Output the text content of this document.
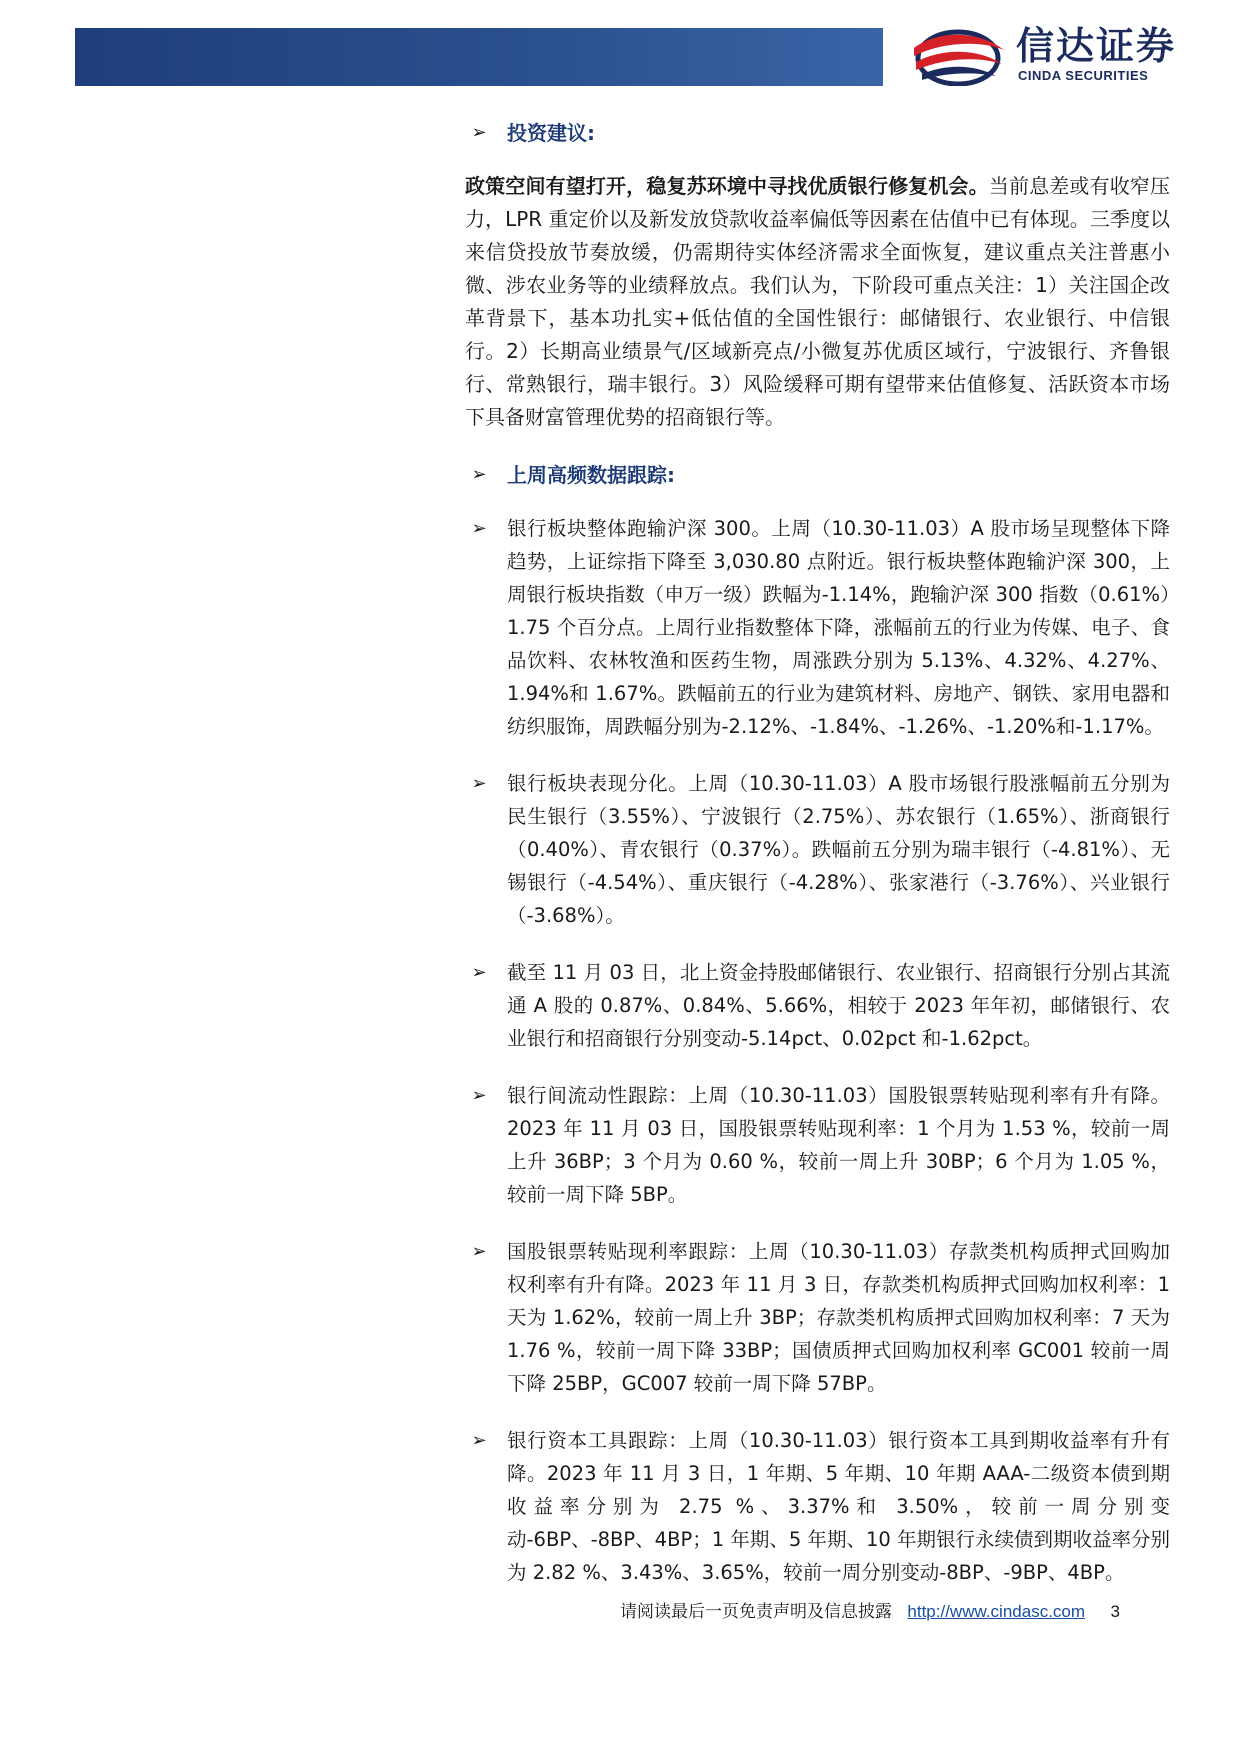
信达证券
CINDA SECURITIES
➢ 投资建议:

政策空间有望打开，稳复苏环境中寻找优质银行修复机会。当前息差或有收窄压力，LPR 重定价以及新发放贷款收益率偏低等因素在估值中已有体现。三季度以来信贷投放节奏放缓，仍需期待实体经济需求全面恢复，建议重点关注普惠小微、涉农业务等的业绩释放点。我们认为，下阶段可重点关注：1）关注国企改革背景下，基本功扎实+低估值的全国性银行：邮储银行、农业银行、中信银行。2）长期高业绩景气/区域新亮点/小微复苏优质区域行，宁波银行、齐鲁银行、常熟银行，瑞丰银行。3）风险缓释可期有望带来估值修复、活跃资本市场下具备财富管理优势的招商银行等。

➢ 上周高频数据跟踪:
➢ 银行板块整体跑输沪深 300。上周（10.30-11.03）A 股市场呈现整体下降趋势，上证综指下降至 3,030.80 点附近。银行板块整体跑输沪深 300，上周银行板块指数（申万一级）跌幅为-1.14%，跑输沪深 300 指数（0.61%）1.75 个百分点。上周行业指数整体下降，涨幅前五的行业为传媒、电子、食品饮料、农林牧渔和医药生物，周涨跌分别为 5.13%、4.32%、4.27%、1.94%和 1.67%。跌幅前五的行业为建筑材料、房地产、钢铁、家用电器和纺织服饰，周跌幅分别为-2.12%、-1.84%、-1.26%、-1.20%和-1.17%。
➢ 银行板块表现分化。上周（10.30-11.03）A 股市场银行股涨幅前五分别为民生银行（3.55%）、宁波银行（2.75%）、苏农银行（1.65%）、浙商银行（0.40%）、青农银行（0.37%）。跌幅前五分别为瑞丰银行（-4.81%）、无锡银行（-4.54%）、重庆银行（-4.28%）、张家港行（-3.76%）、兴业银行（-3.68%）。
➢ 截至 11 月 03 日，北上资金持股邮储银行、农业银行、招商银行分别占其流通 A 股的 0.87%、0.84%、5.66%，相较于 2023 年年初，邮储银行、农业银行和招商银行分别变动-5.14pct、0.02pct 和-1.62pct。
➢ 银行间流动性跟踪：上周（10.30-11.03）国股银票转贴现利率有升有降。2023 年 11 月 03 日，国股银票转贴现利率：1 个月为 1.53 %，较前一周上升 36BP；3 个月为 0.60 %，较前一周上升 30BP；6 个月为 1.05 %，较前一周下降 5BP。
➢ 国股银票转贴现利率跟踪：上周（10.30-11.03）存款类机构质押式回购加权利率有升有降。2023 年 11 月 3 日，存款类机构质押式回购加权利率：1 天为 1.62%，较前一周上升 3BP；存款类机构质押式回购加权利率：7 天为 1.76 %，较前一周下降 33BP；国债质押式回购加权利率 GC001 较前一周下降 25BP，GC007 较前一周下降 57BP。
➢ 银行资本工具跟踪：上周（10.30-11.03）银行资本工具到期收益率有升有降。2023 年 11 月 3 日，1 年期、5 年期、10 年期 AAA-二级资本债到期收益率分别为 2.75 %、3.37%和 3.50%，较前一周分别变动-6BP、-8BP、4BP；1 年期、5 年期、10 年期银行永续债到期收益率分别为 2.82 %、3.43%、3.65%，较前一周分别变动-8BP、-9BP、4BP。
请阅读最后一页免责声明及信息披露 http://www.cindasc.com 3
